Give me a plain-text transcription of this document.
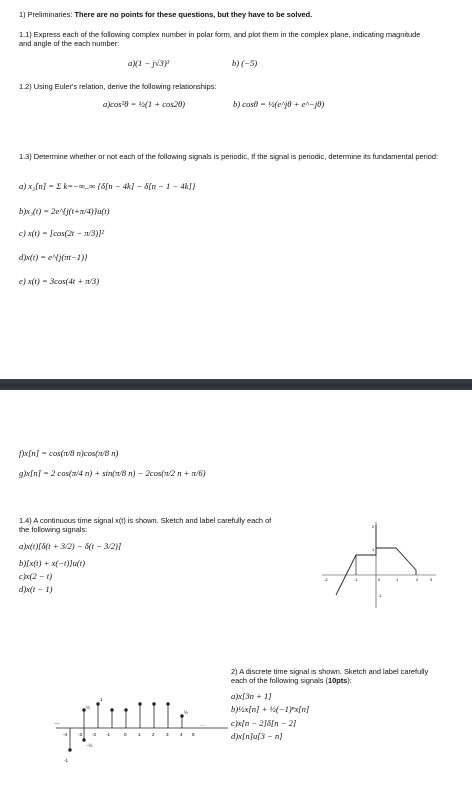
1) Preliminaries: There are no points for these questions, but they have to be solved.
1.1) Express each of the following complex number in polar form, and plot them in the complex plane, indicating magnitude and angle of the each number:
a)(1 − j√3)³	b) (−5)
1.2) Using Euler's relation, derive the following relationships:
a)cos²θ = ½(1 + cos2θ)	b) cosθ = ½(e^jθ + e^−jθ)
1.3) Determine whether or not each of the following signals is periodic, If the signal is periodic, determine its fundamental period:
a) x₂[n] = Σ k=−∞..∞ {δ[n − 4k] − δ[n − 1 − 4k]}
b)x₃(t) = 2e^{j(t+π/4)}u(t)
c) x(t) = [cos(2t − π/3)]²
d)x(t) = e^{j(πt−1)}
e) x(t) = 3cos(4t + π/3)
f)x[n] = cos(π/8 n)cos(π/8 n)
g)x[n] = 2 cos(π/4 n) + sin(π/8 n) − 2cos(π/2 n + π/6)
1.4) A continuous time signal x(t) is shown. Sketch and label carefully each of the following signals:
a)x(t)[δ(t + 3/2) − δ(t − 3/2)]
b)[x(t) + x(−t)]u(t)
c)x(2 − t)
d)x(t − 1)
-2	-1	0	1	2	3
2
1
-1
...	...
-4 -3 -2 -1	0 1 2 3 4 5
1
½
½
-½
-1
2) A discrete time signal is shown. Sketch and label carefully each of the following signals (10pts):
a)x[3n + 1]
b)½x[n] + ½(−1)ⁿx[n]
c)x[n − 2]δ[n − 2]
d)x[n]u[3 − n]
